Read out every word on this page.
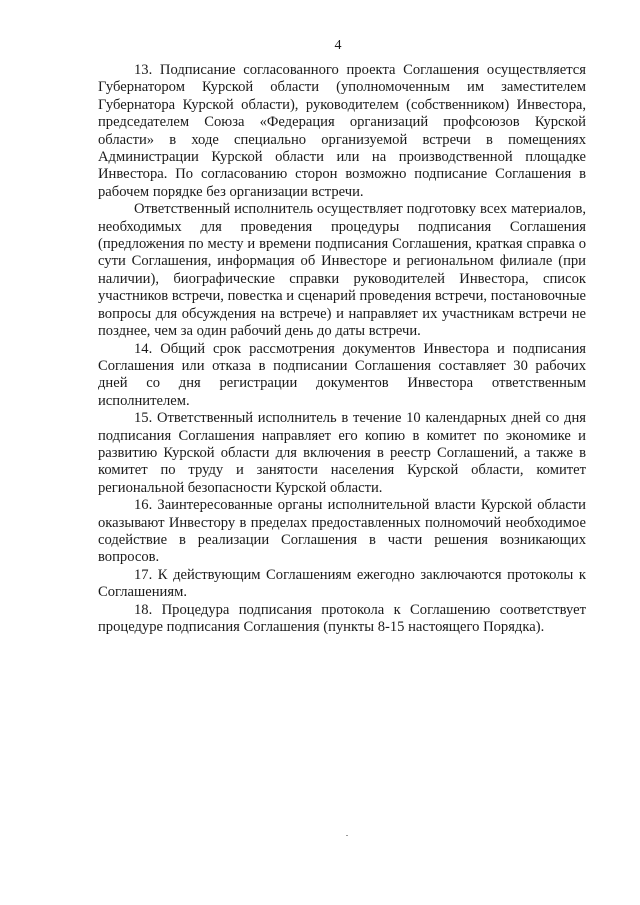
4

13. Подписание согласованного проекта Соглашения осуществляется Губернатором Курской области (уполномоченным им заместителем Губернатора Курской области), руководителем (собственником) Инвестора, председателем Союза «Федерация организаций профсоюзов Курской области» в ходе специально организуемой встречи в помещениях Администрации Курской области или на производственной площадке Инвестора. По согласованию сторон возможно подписание Соглашения в рабочем порядке без организации встречи.

Ответственный исполнитель осуществляет подготовку всех материалов, необходимых для проведения процедуры подписания Соглашения (предложения по месту и времени подписания Соглашения, краткая справка о сути Соглашения, информация об Инвесторе и региональном филиале (при наличии), биографические справки руководителей Инвестора, список участников встречи, повестка и сценарий проведения встречи, постановочные вопросы для обсуждения на встрече) и направляет их участникам встречи не позднее, чем за один рабочий день до даты встречи.

14. Общий срок рассмотрения документов Инвестора и подписания Соглашения или отказа в подписании Соглашения составляет 30 рабочих дней со дня регистрации документов Инвестора ответственным исполнителем.

15. Ответственный исполнитель в течение 10 календарных дней со дня подписания Соглашения направляет его копию в комитет по экономике и развитию Курской области для включения в реестр Соглашений, а также в комитет по труду и занятости населения Курской области, комитет региональной безопасности Курской области.

16. Заинтересованные органы исполнительной власти Курской области оказывают Инвестору в пределах предоставленных полномочий необходимое содействие в реализации Соглашения в части решения возникающих вопросов.

17. К действующим Соглашениям ежегодно заключаются протоколы к Соглашениям.

18. Процедура подписания протокола к Соглашению соответствует процедуре подписания Соглашения (пункты 8-15 настоящего Порядка).
